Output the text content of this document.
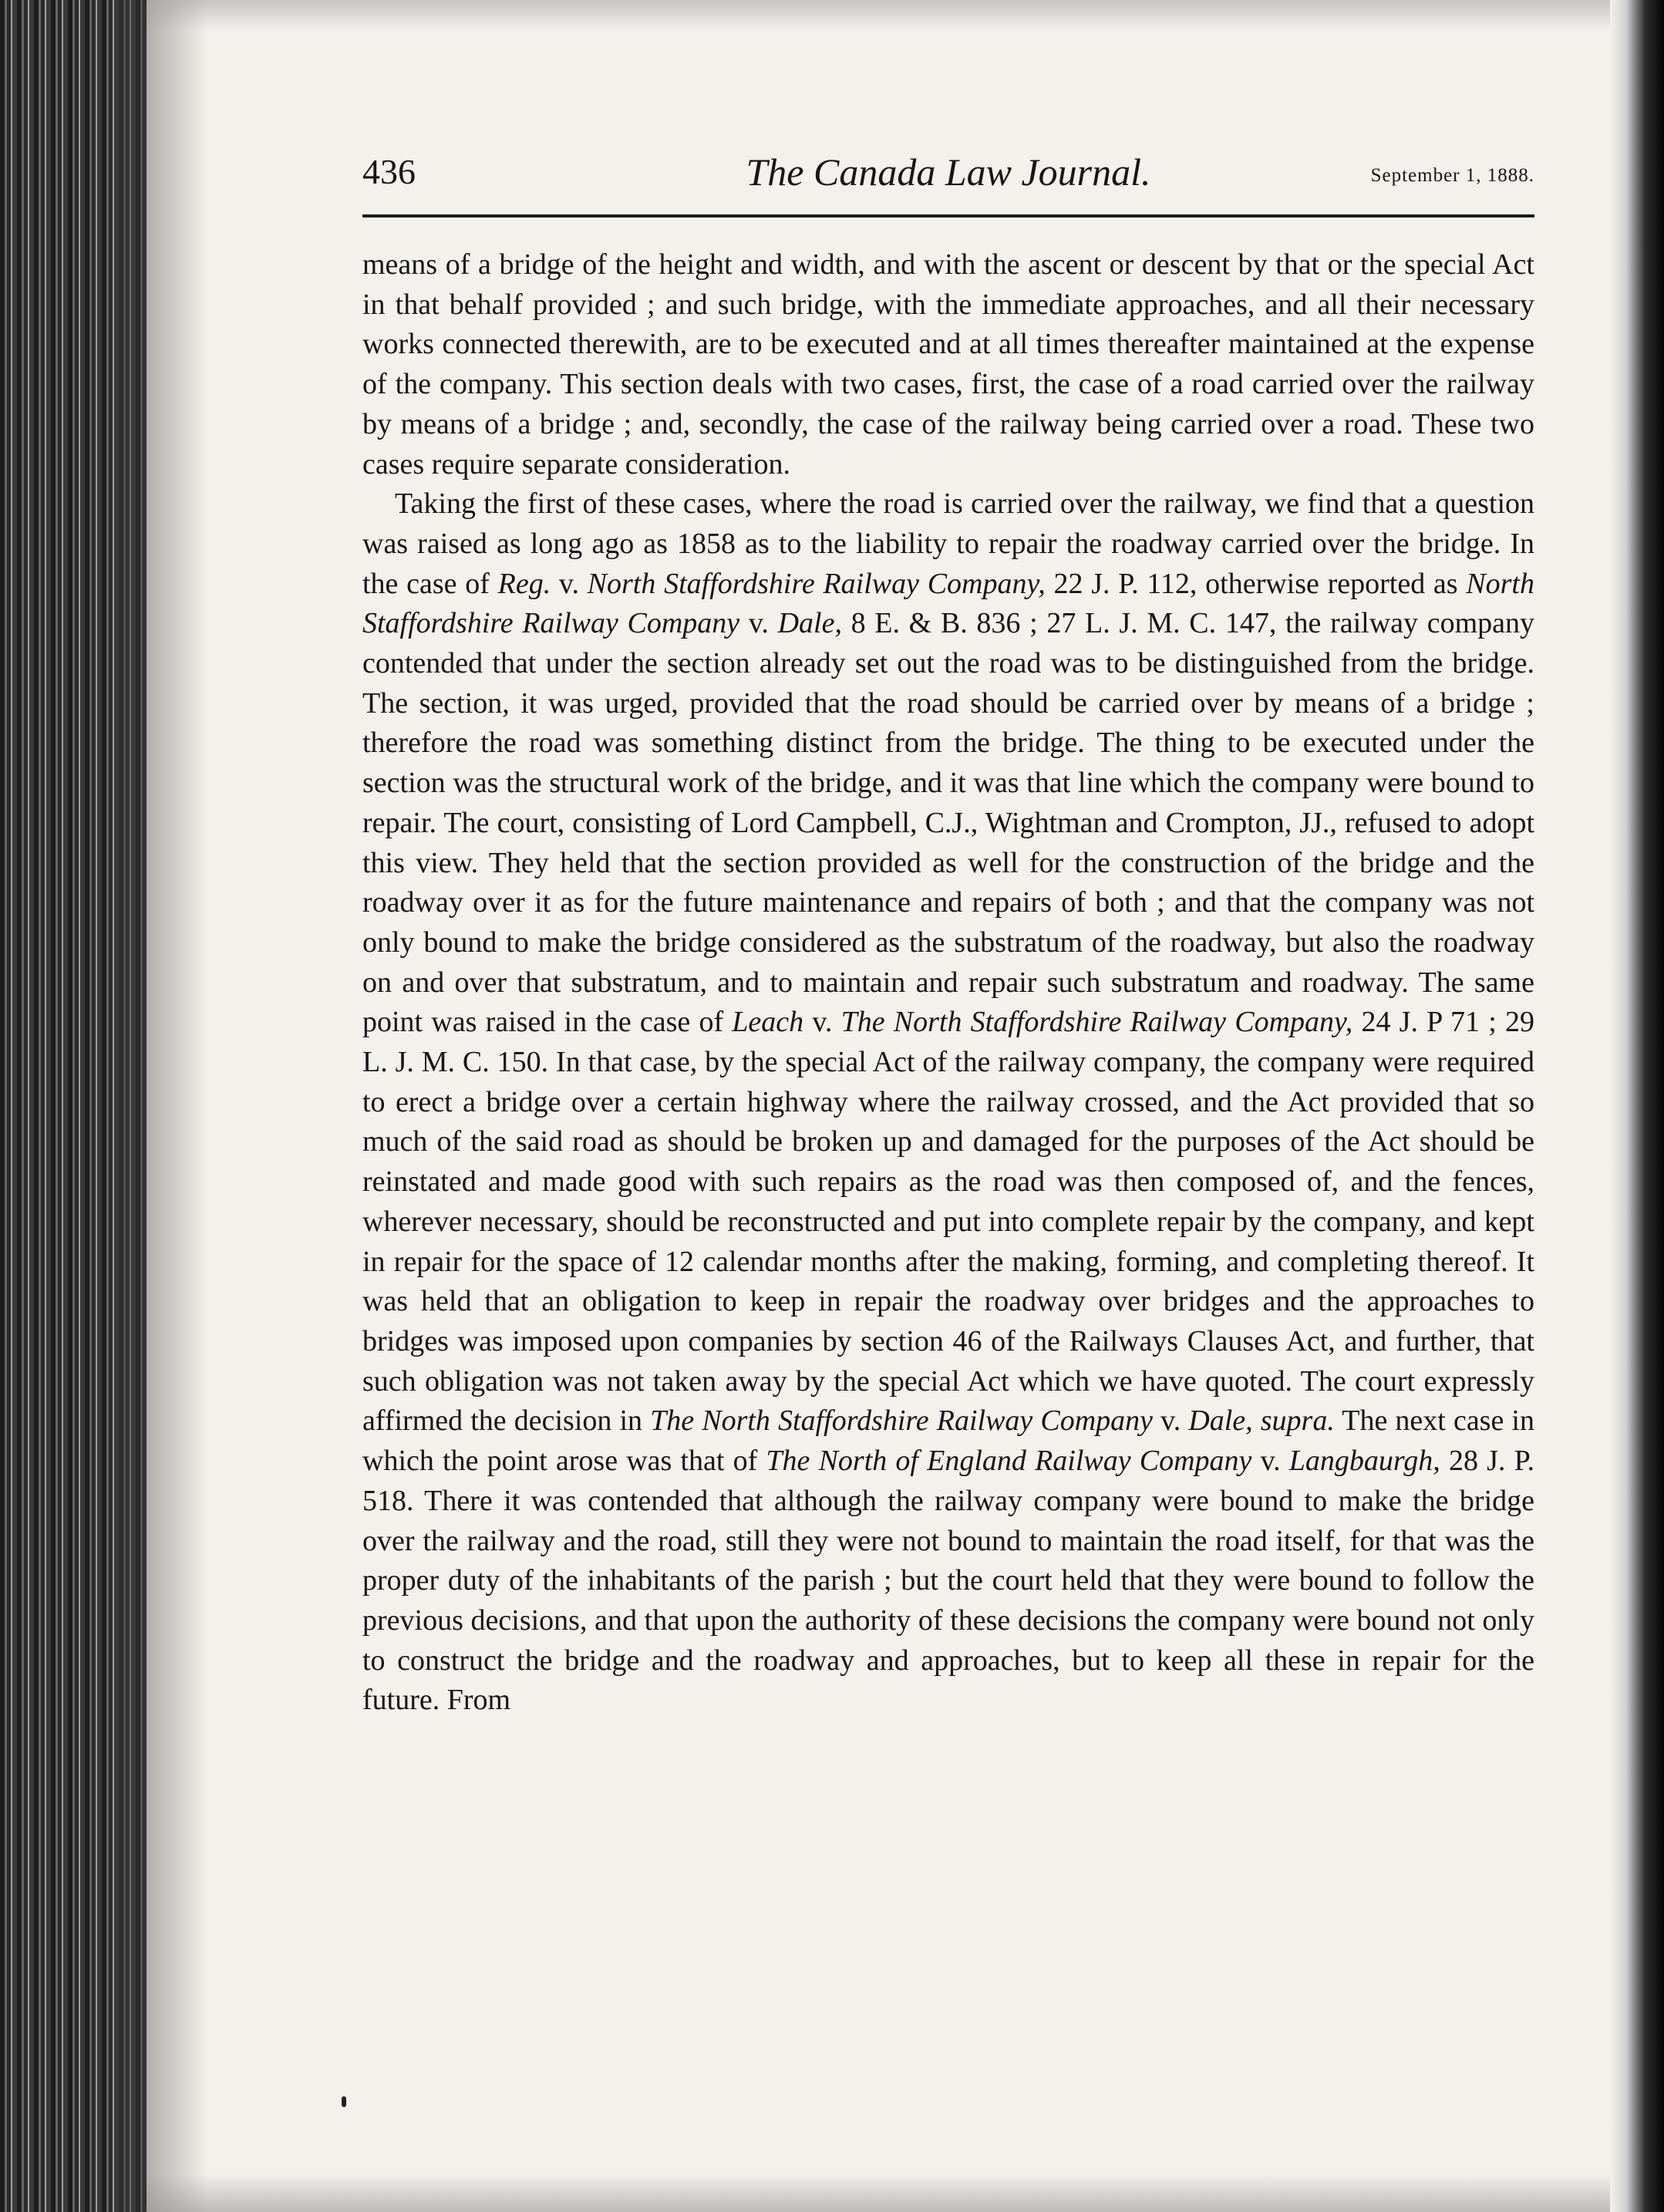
436	The Canada Law Journal.	September 1, 1888.

means of a bridge of the height and width, and with the ascent or descent by that or the special Act in that behalf provided ; and such bridge, with the immediate approaches, and all their necessary works connected therewith, are to be executed and at all times thereafter maintained at the expense of the company. This section deals with two cases, first, the case of a road carried over the railway by means of a bridge ; and, secondly, the case of the railway being carried over a road. These two cases require separate consideration.

Taking the first of these cases, where the road is carried over the railway, we find that a question was raised as long ago as 1858 as to the liability to repair the roadway carried over the bridge. In the case of Reg. v. North Staffordshire Railway Company, 22 J. P. 112, otherwise reported as North Staffordshire Railway Company v. Dale, 8 E. & B. 836 ; 27 L. J. M. C. 147, the railway company contended that under the section already set out the road was to be distinguished from the bridge. The section, it was urged, provided that the road should be carried over by means of a bridge ; therefore the road was something distinct from the bridge. The thing to be executed under the section was the structural work of the bridge, and it was that line which the company were bound to repair. The court, consisting of Lord Campbell, C.J., Wightman and Crompton, JJ., refused to adopt this view. They held that the section provided as well for the construction of the bridge and the roadway over it as for the future maintenance and repairs of both ; and that the company was not only bound to make the bridge considered as the substratum of the roadway, but also the roadway on and over that substratum, and to maintain and repair such substratum and roadway. The same point was raised in the case of Leach v. The North Staffordshire Railway Company, 24 J. P 71 ; 29 L. J. M. C. 150. In that case, by the special Act of the railway company, the company were required to erect a bridge over a certain highway where the railway crossed, and the Act provided that so much of the said road as should be broken up and damaged for the purposes of the Act should be reinstated and made good with such repairs as the road was then composed of, and the fences, wherever necessary, should be reconstructed and put into complete repair by the company, and kept in repair for the space of 12 calendar months after the making, forming, and completing thereof. It was held that an obligation to keep in repair the roadway over bridges and the approaches to bridges was imposed upon companies by section 46 of the Railways Clauses Act, and further, that such obligation was not taken away by the special Act which we have quoted. The court expressly affirmed the decision in The North Staffordshire Railway Company v. Dale, supra. The next case in which the point arose was that of The North of England Railway Company v. Langbaurgh, 28 J. P. 518. There it was contended that although the railway company were bound to make the bridge over the railway and the road, still they were not bound to maintain the road itself, for that was the proper duty of the inhabitants of the parish ; but the court held that they were bound to follow the previous decisions, and that upon the authority of these decisions the company were bound not only to construct the bridge and the roadway and approaches, but to keep all these in repair for the future. From
